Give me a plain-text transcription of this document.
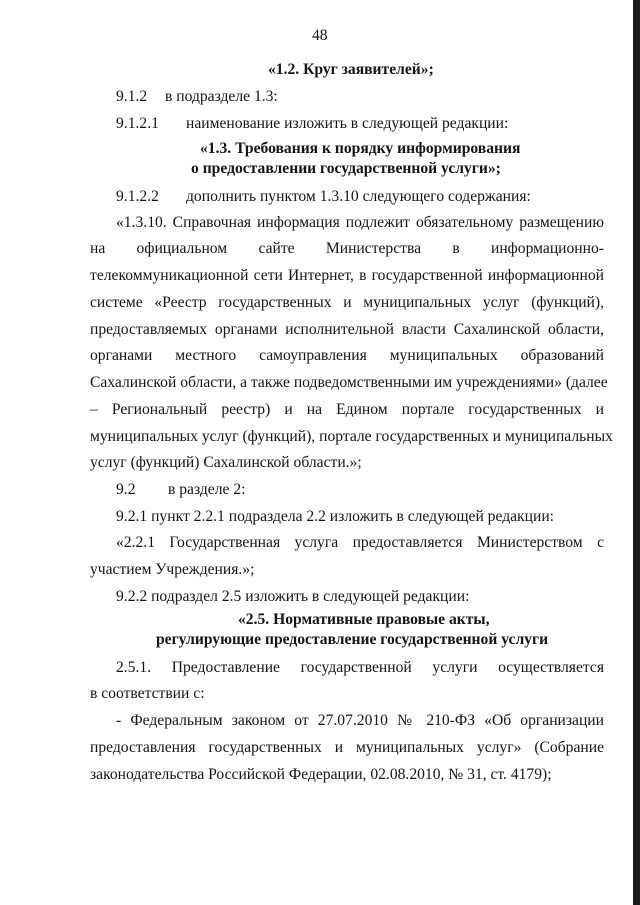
48
«1.2. Круг заявителей»;
9.1.2 в подразделе 1.3:
9.1.2.1 наименование изложить в следующей редакции:
«1.3. Требования к порядку информирования
о предоставлении государственной услуги»;
9.1.2.2 дополнить пунктом 1.3.10 следующего содержания:
«1.3.10. Справочная информация подлежит обязательному размещению
на официальном сайте Министерства в информационно-
телекоммуникационной сети Интернет, в государственной информационной
системе «Реестр государственных и муниципальных услуг (функций),
предоставляемых органами исполнительной власти Сахалинской области,
органами местного самоуправления муниципальных образований
Сахалинской области, а также подведомственными им учреждениями» (далее
– Региональный реестр) и на Едином портале государственных и
муниципальных услуг (функций), портале государственных и муниципальных
услуг (функций) Сахалинской области.»;
9.2 в разделе 2:
9.2.1 пункт 2.2.1 подраздела 2.2 изложить в следующей редакции:
«2.2.1 Государственная услуга предоставляется Министерством с
участием Учреждения.»;
9.2.2 подраздел 2.5 изложить в следующей редакции:
«2.5. Нормативные правовые акты,
регулирующие предоставление государственной услуги
2.5.1. Предоставление государственной услуги осуществляется
в соответствии с:
- Федеральным законом от 27.07.2010 № 210-ФЗ «Об организации
предоставления государственных и муниципальных услуг» (Собрание
законодательства Российской Федерации, 02.08.2010, № 31, ст. 4179);
